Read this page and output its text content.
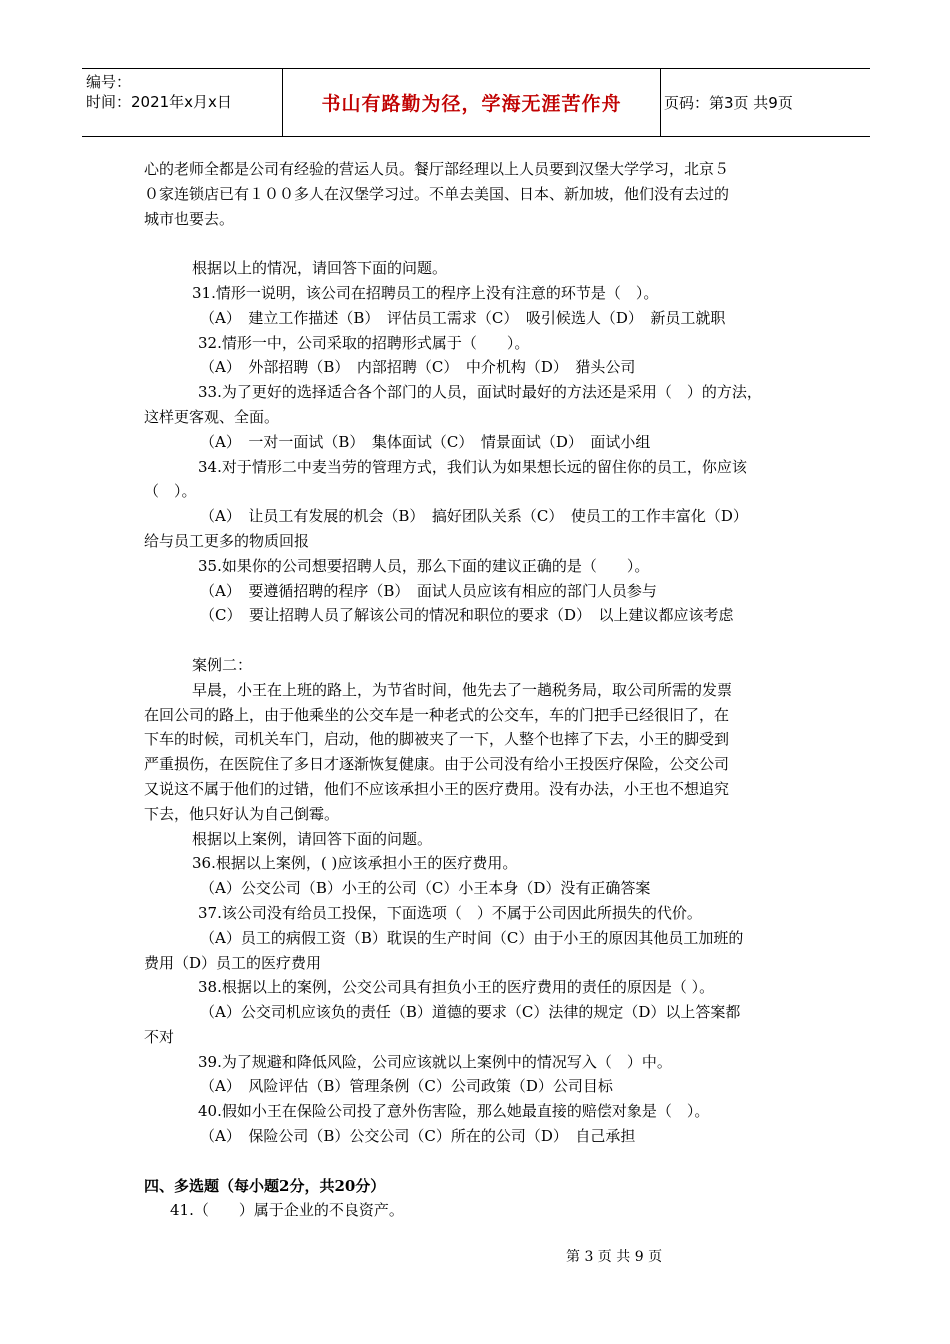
编号：
时间：2021年x月x日	书山有路勤为径，学海无涯苦作舟	页码：第3页 共9页

心的老师全都是公司有经验的营运人员。餐厅部经理以上人员要到汉堡大学学习，北京５

０家连锁店已有１００多人在汉堡学习过。不单去美国、日本、新加坡，他们没有去过的

城市也要去。

根据以上的情况，请回答下面的问题。

31.情形一说明，该公司在招聘员工的程序上没有注意的环节是（　）。

（A）　建立工作描述（B）　评估员工需求（C）　吸引候选人（D）　新员工就职

32.情形一中，公司采取的招聘形式属于（　　）。

（A）　外部招聘（B）　内部招聘（C）　中介机构（D）　猎头公司

33.为了更好的选择适合各个部门的人员，面试时最好的方法还是采用（　）的方法，

这样更客观、全面。

（A）　一对一面试（B）　集体面试（C）　情景面试（D）　面试小组

34.对于情形二中麦当劳的管理方式，我们认为如果想长远的留住你的员工，你应该

（　）。

（A）　让员工有发展的机会（B）　搞好团队关系（C）　使员工的工作丰富化（D）

给与员工更多的物质回报

35.如果你的公司想要招聘人员，那么下面的建议正确的是（　　）。

（A）　要遵循招聘的程序（B）　面试人员应该有相应的部门人员参与

（C）　要让招聘人员了解该公司的情况和职位的要求（D）　以上建议都应该考虑

案例二：

早晨，小王在上班的路上，为节省时间，他先去了一趟税务局，取公司所需的发票

在回公司的路上，由于他乘坐的公交车是一种老式的公交车，车的门把手已经很旧了，在

下车的时候，司机关车门，启动，他的脚被夹了一下，人整个也摔了下去，小王的脚受到

严重损伤，在医院住了多日才逐渐恢复健康。由于公司没有给小王投医疗保险，公交公司

又说这不属于他们的过错，他们不应该承担小王的医疗费用。没有办法，小王也不想追究

下去，他只好认为自己倒霉。

根据以上案例，请回答下面的问题。

36.根据以上案例，( )应该承担小王的医疗费用。

（A）公交公司（B）小王的公司（C）小王本身（D）没有正确答案

37.该公司没有给员工投保，下面选项（　）不属于公司因此所损失的代价。

（A）员工的病假工资（B）耽误的生产时间（C）由于小王的原因其他员工加班的

费用（D）员工的医疗费用

38.根据以上的案例，公交公司具有担负小王的医疗费用的责任的原因是（ ）。

（A）公交司机应该负的责任（B）道德的要求（C）法律的规定（D）以上答案都

不对

39.为了规避和降低风险，公司应该就以上案例中的情况写入（　）中。

（A）　风险评估（B）管理条例（C）公司政策（D）公司目标

40.假如小王在保险公司投了意外伤害险，那么她最直接的赔偿对象是（　）。

（A）　保险公司（B）公交公司（C）所在的公司（D）　自己承担

四、多选题（每小题2分，共20分）

41.（　　）属于企业的不良资产。

第 3 页 共 9 页
